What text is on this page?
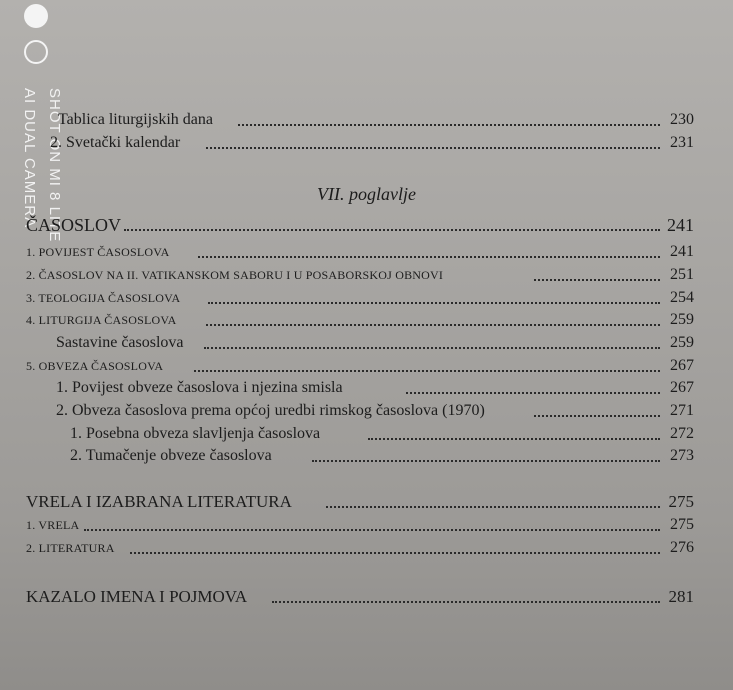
SHOT ON MI 8 LITE
AI DUAL CAMERA Tablica liturgijskih dana	230
2. Svetački kalendar	231
VII. poglavlje
ČASOSLOV	241
1. POVIJEST ČASOSLOVA	241
2. ČASOSLOV NA II. VATIKANSKOM SABORU I U POSABORSKOJ OBNOVI	251
3. TEOLOGIJA ČASOSLOVA	254
4. LITURGIJA ČASOSLOVA	259
Sastavine časoslova	259
5. OBVEZA ČASOSLOVA	267
1. Povijest obveze časoslova i njezina smisla	267
2. Obveza časoslova prema općoj uredbi rimskog časoslova (1970)	271
1. Posebna obveza slavljenja časoslova	272
2. Tumačenje obveze časoslova	273
VRELA I IZABRANA LITERATURA	275
1. VRELA	275
2. LITERATURA	276
KAZALO IMENA I POJMOVA	281
